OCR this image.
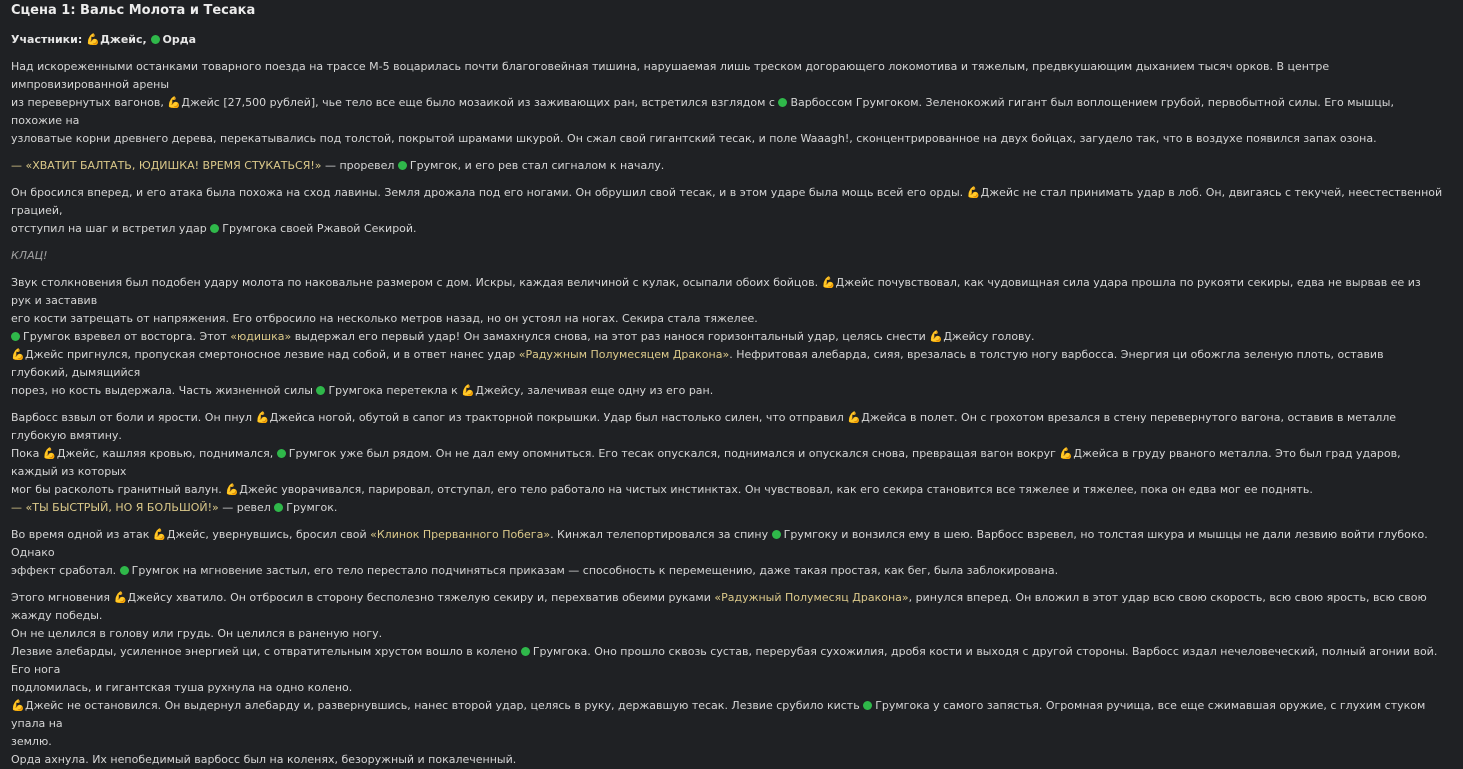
Сцена 1: Вальс Молота и Тесака
Участники: 💪Джейс, Орда

Над искореженными останками товарного поезда на трассе М-5 воцарилась почти благоговейная тишина, нарушаемая лишь треском догорающего локомотива и тяжелым, предвкушающим дыханием тысяч орков. В центре импровизированной арены
из перевернутых вагонов, 💪Джейс [27,500 рублей], чье тело все еще было мозаикой из заживающих ран, встретился взглядом с Варбоссом Грумгоком. Зеленокожий гигант был воплощением грубой, первобытной силы. Его мышцы, похожие на
узловатые корни древнего дерева, перекатывались под толстой, покрытой шрамами шкурой. Он сжал свой гигантский тесак, и поле Waaagh!, сконцентрированное на двух бойцах, загудело так, что в воздухе появился запах озона.

— «ХВАТИТ БАЛТАТЬ, ЮДИШКА! ВРЕМЯ СТУКАТЬСЯ!» — проревел Грумгок, и его рев стал сигналом к началу.

Он бросился вперед, и его атака была похожа на сход лавины. Земля дрожала под его ногами. Он обрушил свой тесак, и в этом ударе была мощь всей его орды. 💪Джейс не стал принимать удар в лоб. Он, двигаясь с текучей, неестественной грацией,
отступил на шаг и встретил удар Грумгока своей Ржавой Секирой.

КЛАЦ!

Звук столкновения был подобен удару молота по наковальне размером с дом. Искры, каждая величиной с кулак, осыпали обоих бойцов. 💪Джейс почувствовал, как чудовищная сила удара прошла по рукояти секиры, едва не вырвав ее из рук и заставив
его кости затрещать от напряжения. Его отбросило на несколько метров назад, но он устоял на ногах. Секира стала тяжелее.
Грумгок взревел от восторга. Этот «юдишка» выдержал его первый удар! Он замахнулся снова, на этот раз нанося горизонтальный удар, целясь снести 💪Джейсу голову.
💪Джейс пригнулся, пропуская смертоносное лезвие над собой, и в ответ нанес удар «Радужным Полумесяцем Дракона». Нефритовая алебарда, сияя, врезалась в толстую ногу варбосса. Энергия ци обожгла зеленую плоть, оставив глубокий, дымящийся
порез, но кость выдержала. Часть жизненной силы Грумгока перетекла к 💪Джейсу, залечивая еще одну из его ран.

Варбосс взвыл от боли и ярости. Он пнул 💪Джейса ногой, обутой в сапог из тракторной покрышки. Удар был настолько силен, что отправил 💪Джейса в полет. Он с грохотом врезался в стену перевернутого вагона, оставив в металле глубокую вмятину.
Пока 💪Джейс, кашляя кровью, поднимался, Грумгок уже был рядом. Он не дал ему опомниться. Его тесак опускался, поднимался и опускался снова, превращая вагон вокруг 💪Джейса в груду рваного металла. Это был град ударов, каждый из которых
мог бы расколоть гранитный валун. 💪Джейс уворачивался, парировал, отступал, его тело работало на чистых инстинктах. Он чувствовал, как его секира становится все тяжелее и тяжелее, пока он едва мог ее поднять.
— «ТЫ БЫСТРЫЙ, НО Я БОЛЬШОЙ!» — ревел Грумгок.

Во время одной из атак 💪Джейс, увернувшись, бросил свой «Клинок Прерванного Побега». Кинжал телепортировался за спину Грумгоку и вонзился ему в шею. Варбосс взревел, но толстая шкура и мышцы не дали лезвию войти глубоко. Однако
эффект сработал. Грумгок на мгновение застыл, его тело перестало подчиняться приказам — способность к перемещению, даже такая простая, как бег, была заблокирована.

Этого мгновения 💪Джейсу хватило. Он отбросил в сторону бесполезно тяжелую секиру и, перехватив обеими руками «Радужный Полумесяц Дракона», ринулся вперед. Он вложил в этот удар всю свою скорость, всю свою ярость, всю свою жажду победы.
Он не целился в голову или грудь. Он целился в раненую ногу.
Лезвие алебарды, усиленное энергией ци, с отвратительным хрустом вошло в колено Грумгока. Оно прошло сквозь сустав, перерубая сухожилия, дробя кости и выходя с другой стороны. Варбосс издал нечеловеческий, полный агонии вой. Его нога
подломилась, и гигантская туша рухнула на одно колено.
💪Джейс не остановился. Он выдернул алебарду и, развернувшись, нанес второй удар, целясь в руку, державшую тесак. Лезвие срубило кисть Грумгока у самого запястья. Огромная ручища, все еще сжимавшая оружие, с глухим стуком упала на
землю.
Орда ахнула. Их непобедимый варбосс был на коленях, безоружный и покалеченный.
